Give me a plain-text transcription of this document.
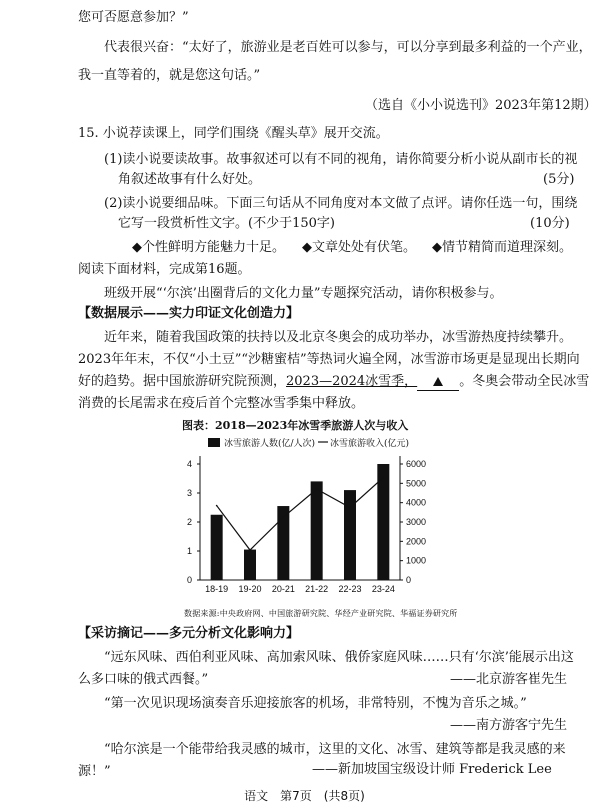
您可否愿意参加？”
代表很兴奋：“太好了，旅游业是老百姓可以参与，可以分享到最多利益的一个产业，
我一直等着的，就是您这句话。”
（选自《小小说选刊》2023年第12期）
15. 小说荐读课上，同学们围绕《醒头草》展开交流。
(1)读小说要读故事。故事叙述可以有不同的视角，请你简要分析小说从副市长的视
角叙述故事有什么好处。	(5分)
(2)读小说要细品味。下面三句话从不同角度对本文做了点评。请你任选一句，围绕
它写一段赏析性文字。(不少于150字)	(10分)
◆个性鲜明方能魅力十足。 ◆文章处处有伏笔。 ◆情节精简而道理深刻。
阅读下面材料，完成第16题。
班级开展“‘尔滨’出圈背后的文化力量”专题探究活动，请你积极参与。
【数据展示——实力印证文化创造力】
近年来，随着我国政策的扶持以及北京冬奥会的成功举办，冰雪游热度持续攀升。
2023年年末，不仅“小土豆”“沙糖蜜桔”等热词火遍全网，冰雪游市场更是显现出长期向
好的趋势。据中国旅游研究院预测，2023—2024冰雪季，	。冬奥会带动全民冰雪
消费的长尾需求在疫后首个完整冰雪季集中释放。
图表：2018—2023年冰雪季旅游人次与收入
0
1
2
3
4
0
1000
2000
3000
4000
5000
6000
18-19 19-20 20-21 21-22 22-23 23-24
冰雪旅游人数(亿/人次) 冰雪旅游收入(亿元)
数据来源:中央政府网、中国旅游研究院、华经产业研究院、华福证券研究所
【采访摘记——多元分析文化影响力】
“远东风味、西伯利亚风味、高加索风味、俄侨家庭风味……只有‘尔滨’能展示出这
么多口味的俄式西餐。”	——北京游客崔先生
“第一次见识现场演奏音乐迎接旅客的机场，非常特别，不愧为音乐之城。”
——南方游客宁先生
“哈尔滨是一个能带给我灵感的城市，这里的文化、冰雪、建筑等都是我灵感的来
源！”	——新加坡国宝级设计师 Frederick Lee
语文　第7页　(共8页)
